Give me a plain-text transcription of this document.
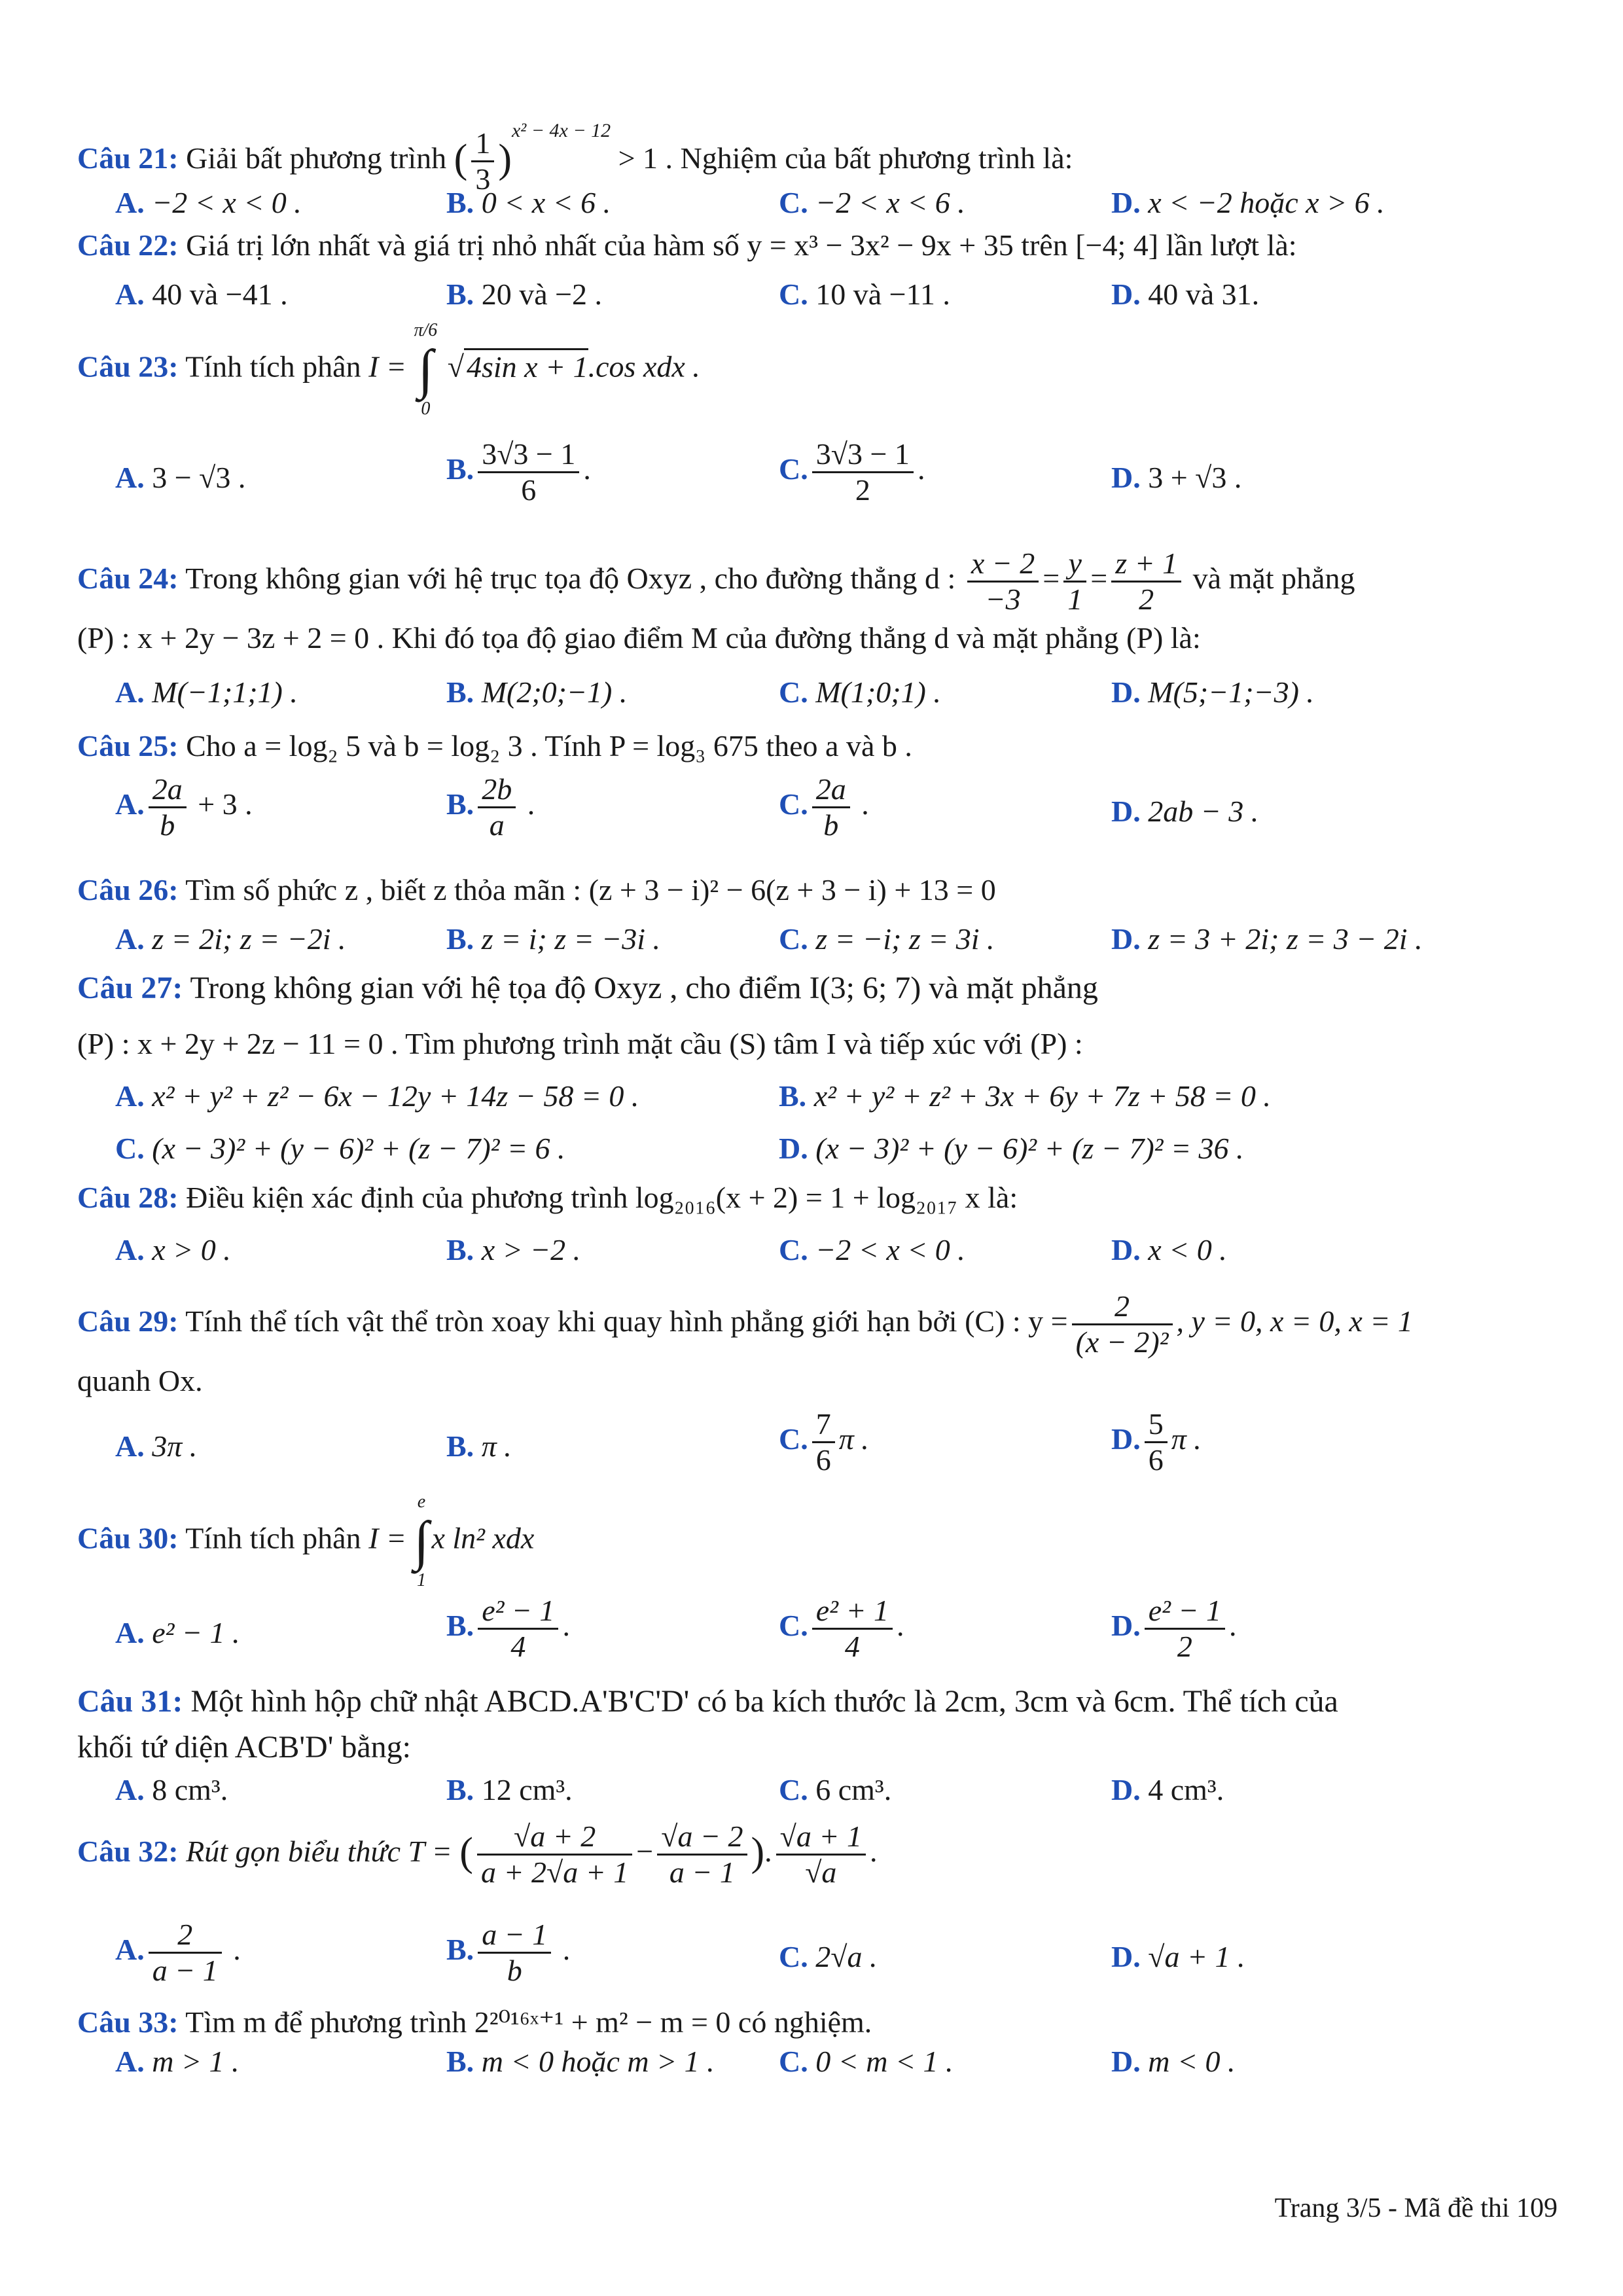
Câu 21: Giải bất phương trình ( $\frac{1}{3} )^{x^2 - 4x - 12} > 1$ . Nghiệm của bất phương trình là:
A. −2 < x < 0 .	B. 0 < x < 6 .	C. −2 < x < 6 .	D. x < −2 hoặc x > 6 .
Câu 22: Giá trị lớn nhất và giá trị nhỏ nhất của hàm số y = x³ − 3x² − 9x + 35 trên [−4; 4] lần lượt là:
A. 40 và −41 .	B. 20 và −2 .	C. 10 và −11 .	D. 40 và 31.
Câu 23: Tính tích phân I =
π/6
∫
0
√4sin x + 1.cos xdx .
A. 3 − √3 .	B. $\frac{3√3 - 1}{6}$ .	C. $\frac{3√3 - 1}{2}$ .	D. 3 + √3 .
Câu 24: Trong không gian với hệ trục tọa độ Oxyz , cho đường thẳng d : $\frac{x - 2}{-3} = \frac{y}{1} = \frac{z + 1}{2}$ và mặt phẳng
(P) : x + 2y − 3z + 2 = 0 . Khi đó tọa độ giao điểm M của đường thẳng d và mặt phẳng (P) là:
A. M(−1;1;1) .	B. M(2;0;−1) .	C. M(1;0;1) .	D. M(5;−1;−3) .
Câu 25: Cho a = log₂ 5 và b = log₂ 3 . Tính P = log₃ 675 theo a và b .
A. $\frac{2a}{b} + 3$ .	B. $\frac{2b}{a}$ .	C. $\frac{2a}{b}$ .	D. 2ab − 3 .
Câu 26: Tìm số phức z , biết z thỏa mãn : (z + 3 − i)² − 6(z + 3 − i) + 13 = 0
A. z = 2i; z = −2i .	B. z = i; z = −3i .	C. z = −i; z = 3i .	D. z = 3 + 2i; z = 3 − 2i .
Câu 27: Trong không gian với hệ tọa độ Oxyz , cho điểm I(3; 6; 7) và mặt phẳng
(P) : x + 2y + 2z − 11 = 0 . Tìm phương trình mặt cầu (S) tâm I và tiếp xúc với (P) :
A. x² + y² + z² − 6x − 12y + 14z − 58 = 0 .	B. x² + y² + z² + 3x + 6y + 7z + 58 = 0 .
C. (x − 3)² + (y − 6)² + (z − 7)² = 6 .	D. (x − 3)² + (y − 6)² + (z − 7)² = 36 .
Câu 28: Điều kiện xác định của phương trình log₂₀₁₆(x + 2) = 1 + log₂₀₁₇ x là:
A. x > 0 .	B. x > −2 .	C. −2 < x < 0 .	D. x < 0 .
Câu 29: Tính thể tích vật thể tròn xoay khi quay hình phẳng giới hạn bởi (C) : $y = \frac{2}{\text{(x − 2)²}}$ , y = 0, x = 0, x = 1
quanh Ox.
A. 3π .	B. π .	C. $\frac{7}{6}$ π .	D. $\frac{5}{6}$ π .
Câu 30: Tính tích phân I =
e
∫
1
x ln² xdx
A. e² − 1 .	B. $\frac{\text{e² − 1}}{4}$ .	C. $\frac{\text{e² + 1}}{4}$ .	D. $\frac{\text{e² − 1}}{2}$ .
Câu 31: Một hình hộp chữ nhật ABCD.A'B'C'D' có ba kích thước là 2cm, 3cm và 6cm. Thể tích của
khối tứ diện ACB'D' bằng:
A. 8 cm³.	B. 12 cm³.	C. 6 cm³.	D. 4 cm³.
Câu 32: Rút gọn biểu thức T = ( $\frac{√a + 2}{a + 2√a + 1} - \frac{√a - 2}{a - 1}$ ). $\frac{√a + 1}{√a}$ .
A. $\frac{2}{a - 1}$ .	B. $\frac{a - 1}{b}$ .	C. 2√a .	D. √a + 1 .
Câu 33: Tìm m để phương trình 2²⁰¹⁶ˣ⁺¹ + m² − m = 0 có nghiệm.
A. m > 1 .	B. m < 0 hoặc m > 1 . C. 0 < m < 1 .	D. m < 0 .
Trang 3/5 - Mã đề thi 109
